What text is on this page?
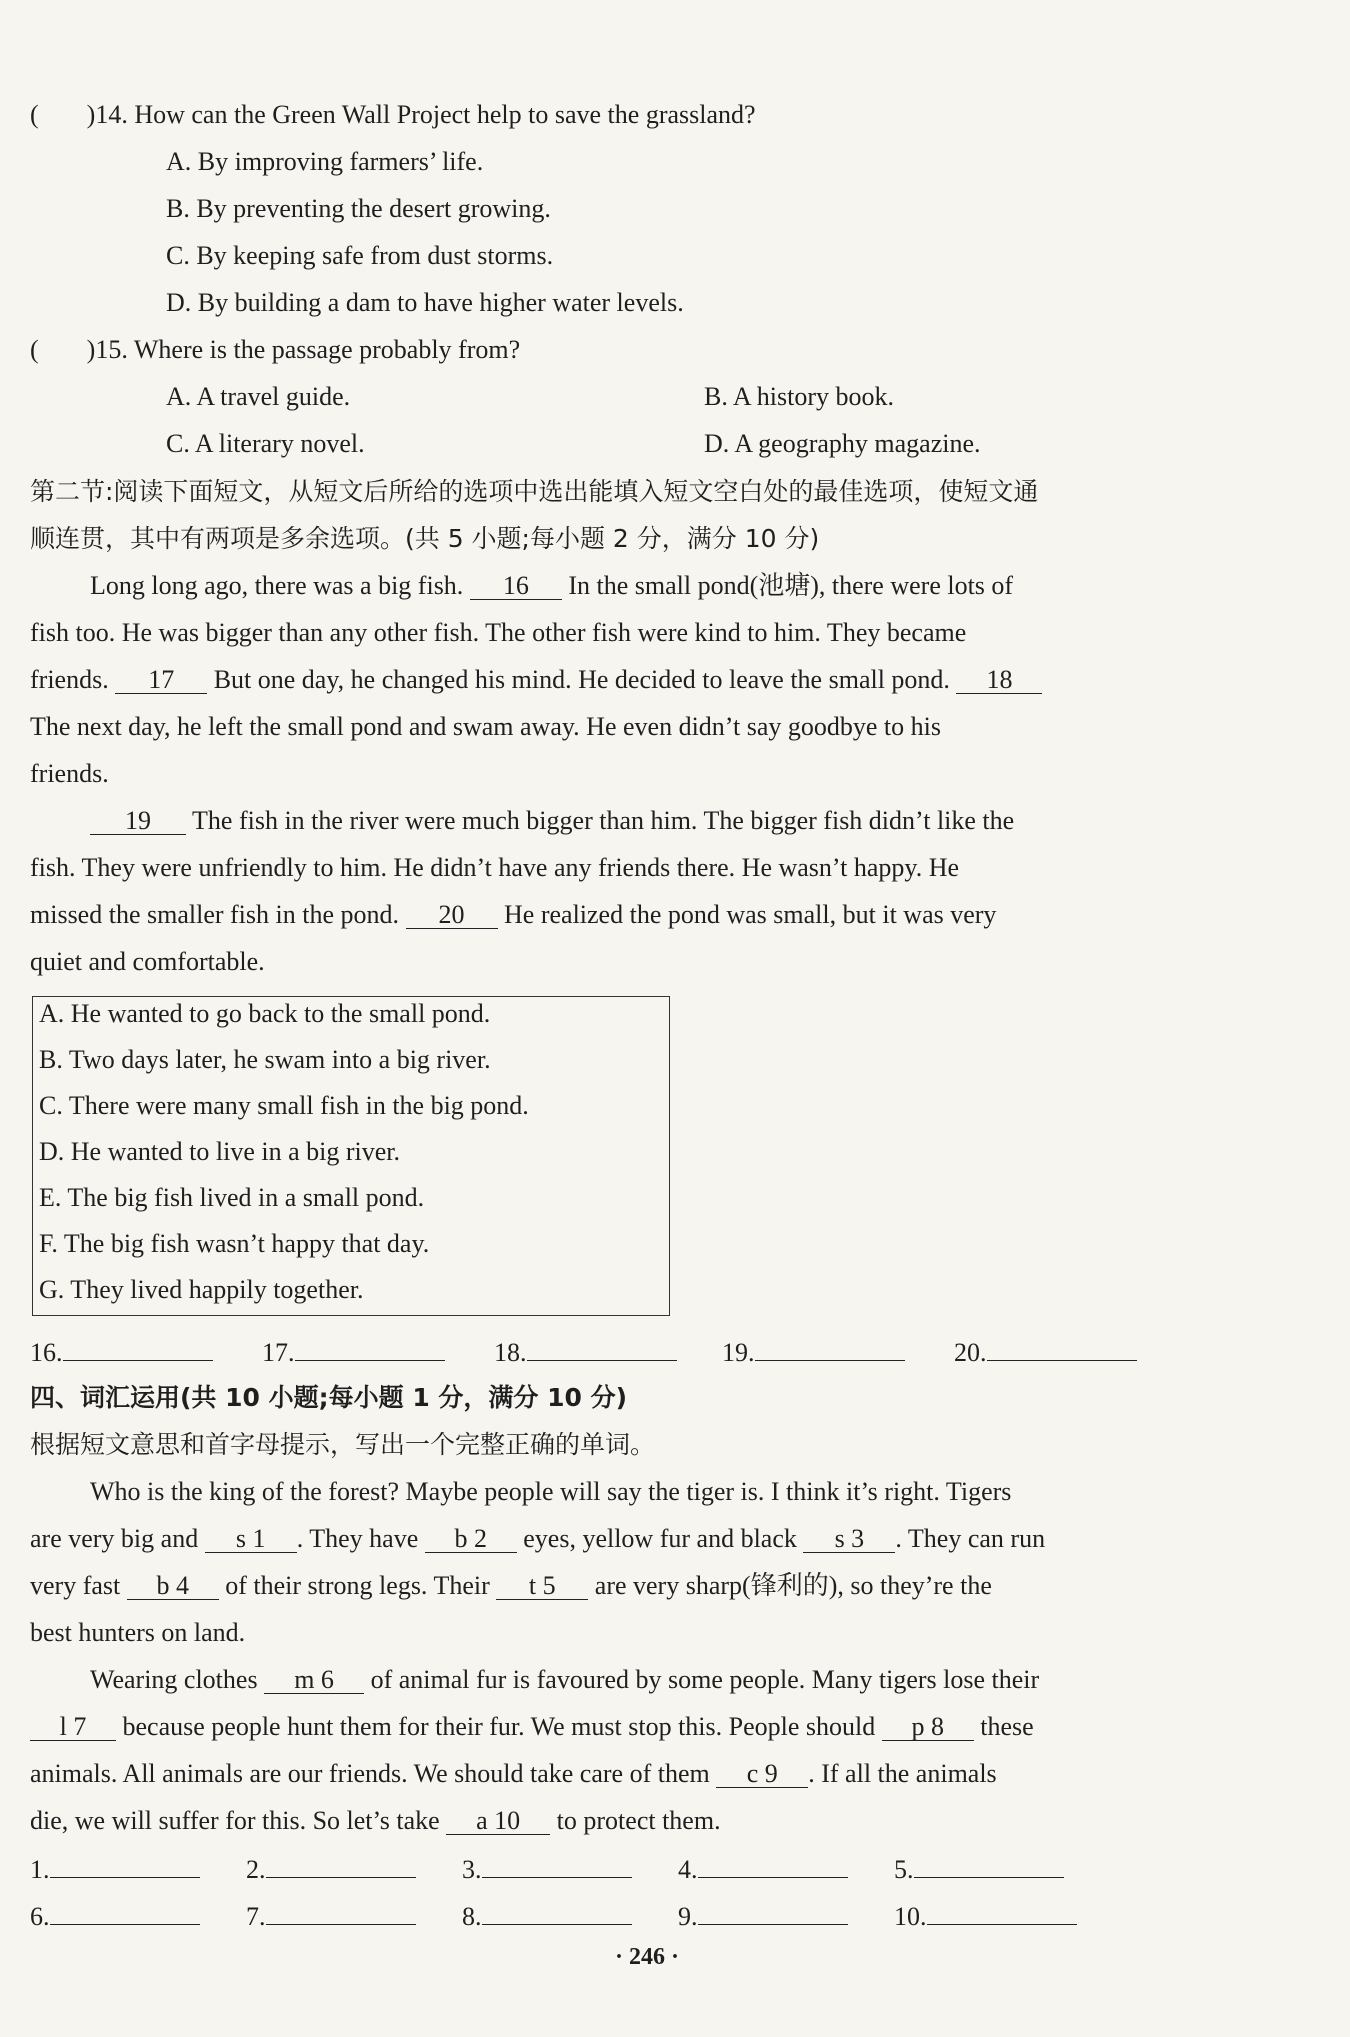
( )14. How can the Green Wall Project help to save the grassland?
A. By improving farmers’ life.
B. By preventing the desert growing.
C. By keeping safe from dust storms.
D. By building a dam to have higher water levels.
( )15. Where is the passage probably from?
A. A travel guide.	B. A history book.
C. A literary novel.	D. A geography magazine.
第二节:阅读下面短文，从短文后所给的选项中选出能填入短文空白处的最佳选项，使短文通
顺连贯，其中有两项是多余选项。(共 5 小题;每小题 2 分，满分 10 分)
Long long ago, there was a big fish. 16 In the small pond(池塘), there were lots of
fish too. He was bigger than any other fish. The other fish were kind to him. They became
friends. 17 But one day, he changed his mind. He decided to leave the small pond. 18
The next day, he left the small pond and swam away. He even didn’t say goodbye to his
friends.
19 The fish in the river were much bigger than him. The bigger fish didn’t like the
fish. They were unfriendly to him. He didn’t have any friends there. He wasn’t happy. He
missed the smaller fish in the pond. 20 He realized the pond was small, but it was very
quiet and comfortable.
A. He wanted to go back to the small pond.
B. Two days later, he swam into a big river.
C. There were many small fish in the big pond.
D. He wanted to live in a big river.
E. The big fish lived in a small pond.
F. The big fish wasn’t happy that day.
G. They lived happily together.
16.	17.	18.	19.	20.
四、词汇运用(共 10 小题;每小题 1 分，满分 10 分)
根据短文意思和首字母提示，写出一个完整正确的单词。
Who is the king of the forest? Maybe people will say the tiger is. I think it’s right. Tigers
are very big and s 1 . They have b 2 eyes, yellow fur and black s 3 . They can run
very fast b 4 of their strong legs. Their t 5 are very sharp(锋利的), so they’re the
best hunters on land.
Wearing clothes m 6 of animal fur is favoured by some people. Many tigers lose their
l 7 because people hunt them for their fur. We must stop this. People should p 8 these
animals. All animals are our friends. We should take care of them c 9 . If all the animals
die, we will suffer for this. So let’s take a 10 to protect them.
1.	2.	3.	4.	5.
6.	7.	8.	9.	10.
· 246 ·
